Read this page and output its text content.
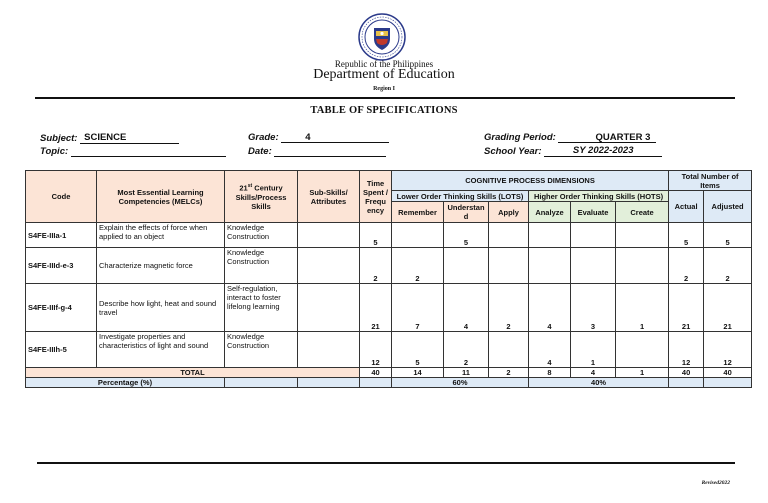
Republic of the Philippines
Department of Education
Region I
TABLE OF SPECIFICATIONS
Subject: SCIENCE
Topic:
Grade:	4
Date:
Grading Period:	QUARTER 3
School Year:	SY 2022-2023
Code	Most Essential Learning Competencies (MELCs)	21st Century Skills/Process Skills	Sub-Skills/ Attributes	Time Spent / Frequ ency	COGNITIVE PROCESS DIMENSIONS						Total Number of Items	
					Lower Order Thinking Skills (LOTS)			Higher Order Thinking Skills (HOTS)			Actual	Adjusted
					Remember	Understan d	Apply	Analyze	Evaluate	Create		
S4FE-IIIa-1	Explain the effects of force when applied to an object	Knowledge Construction		5		5					5	5
S4FE-IIId-e-3	Characterize magnetic force	Knowledge Construction		2	2						2	2
S4FE-IIIf-g-4	Describe how light, heat and sound travel	Self-regulation, interact to foster lifelong learning		21	7	4	2	4	3	1	21	21
S4FE-IIIh-5	Investigate properties and characteristics of light and sound	Knowledge Construction		12	5	2		4	1		12	12
TOTAL				40	14	11	2	8	4	1	40	40
Percentage (%)					60%			40%				
Revised2022
